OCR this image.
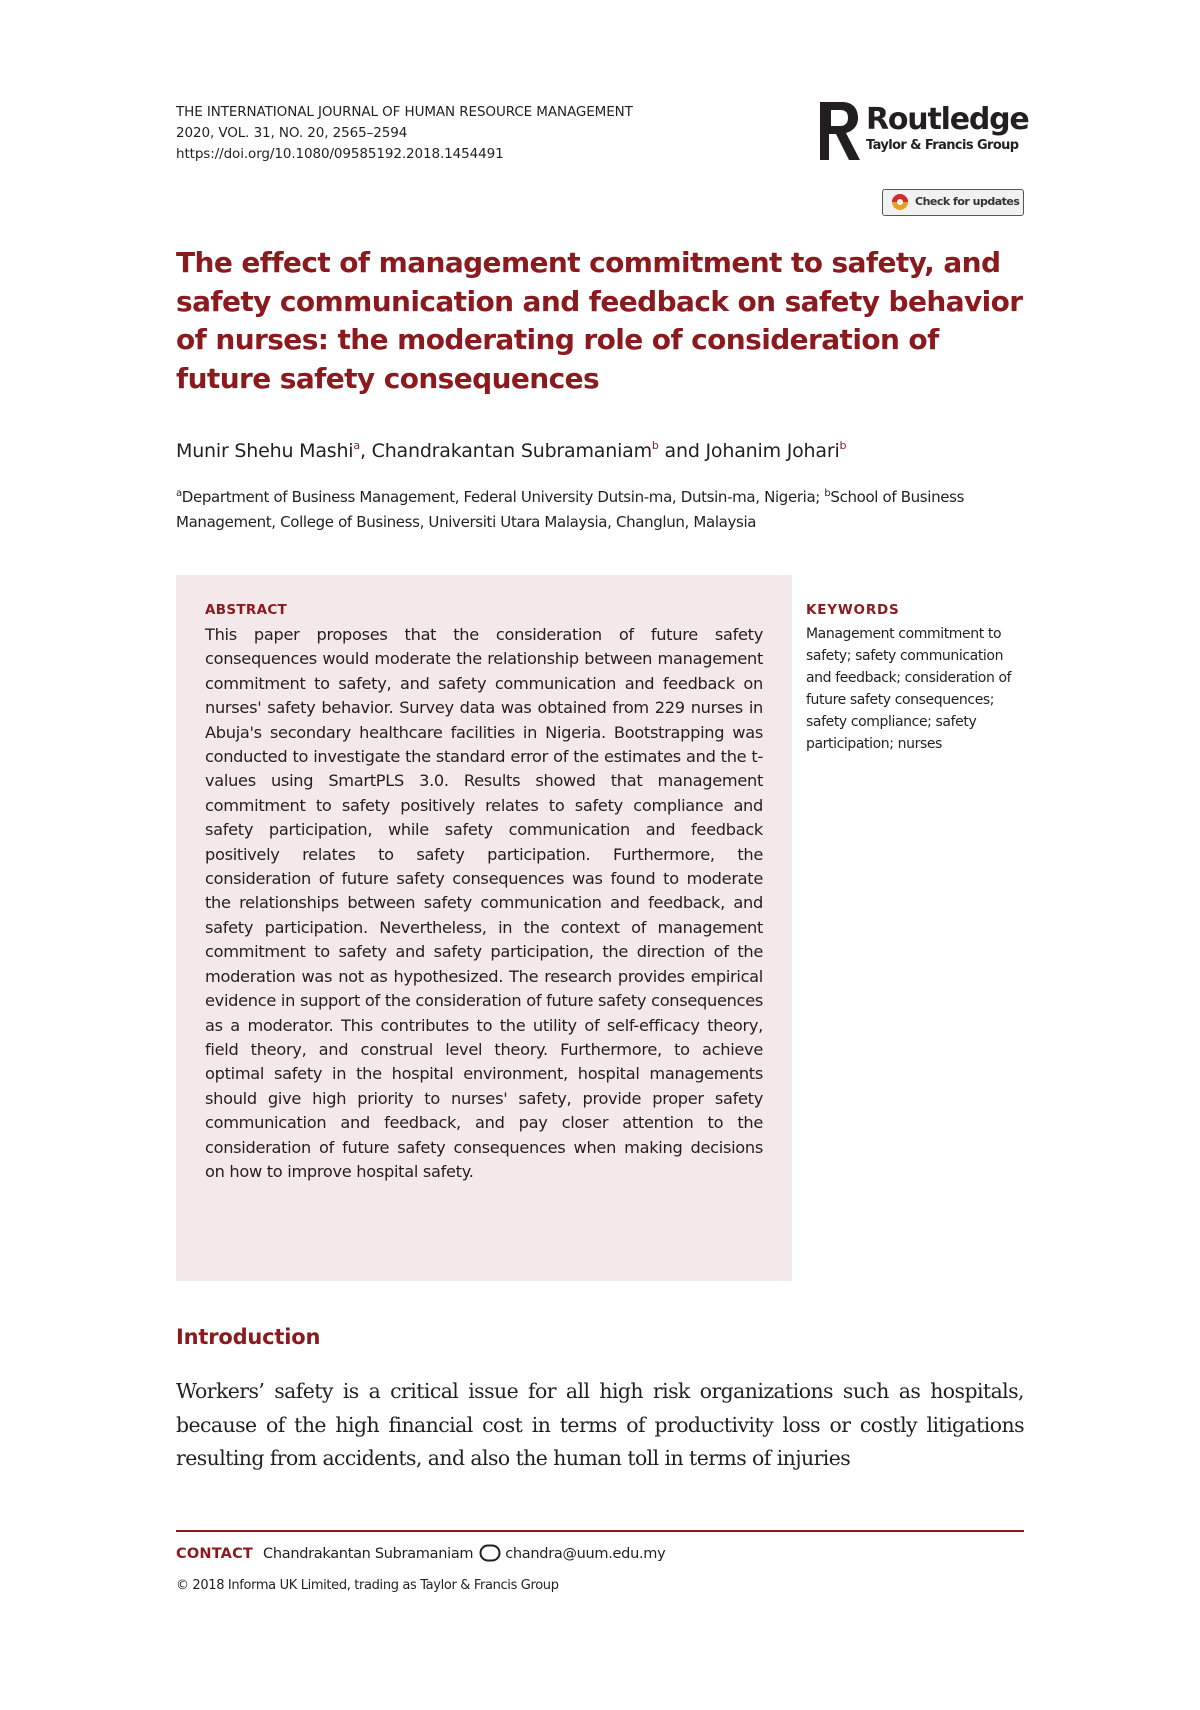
THE INTERNATIONAL JOURNAL OF HUMAN RESOURCE MANAGEMENT
2020, VOL. 31, NO. 20, 2565–2594
https://doi.org/10.1080/09585192.2018.1454491
Routledge
Taylor & Francis Group
Check for updates
The effect of management commitment to safety, and safety communication and feedback on safety behavior of nurses: the moderating role of consideration of future safety consequences
Munir Shehu Mashi$^a$, Chandrakantan Subramaniam$^b$ and Johanim Johari$^b$
$^a$Department of Business Management, Federal University Dutsin-ma, Dutsin-ma, Nigeria; $^b$School of Business Management, College of Business, Universiti Utara Malaysia, Changlun, Malaysia
ABSTRACT

This paper proposes that the consideration of future safety consequences would moderate the relationship between management commitment to safety, and safety communication and feedback on nurses' safety behavior. Survey data was obtained from 229 nurses in Abuja's secondary healthcare facilities in Nigeria. Bootstrapping was conducted to investigate the standard error of the estimates and the t-values using SmartPLS 3.0. Results showed that management commitment to safety positively relates to safety compliance and safety participation, while safety communication and feedback positively relates to safety participation. Furthermore, the consideration of future safety consequences was found to moderate the relationships between safety communication and feedback, and safety participation. Nevertheless, in the context of management commitment to safety and safety participation, the direction of the moderation was not as hypothesized. The research provides empirical evidence in support of the consideration of future safety consequences as a moderator. This contributes to the utility of self-efficacy theory, field theory, and construal level theory. Furthermore, to achieve optimal safety in the hospital environment, hospital managements should give high priority to nurses' safety, provide proper safety communication and feedback, and pay closer attention to the consideration of future safety consequences when making decisions on how to improve hospital safety.

KEYWORDS

Management commitment to safety; safety communication and feedback; consideration of future safety consequences; safety compliance; safety participation; nurses

Introduction

Workers’ safety is a critical issue for all high risk organizations such as hospitals, because of the high financial cost in terms of productivity loss or costly litigations resulting from accidents, and also the human toll in terms of injuries

CONTACT Chandrakantan Subramaniam chandra@uum.edu.my
© 2018 Informa UK Limited, trading as Taylor & Francis Group
